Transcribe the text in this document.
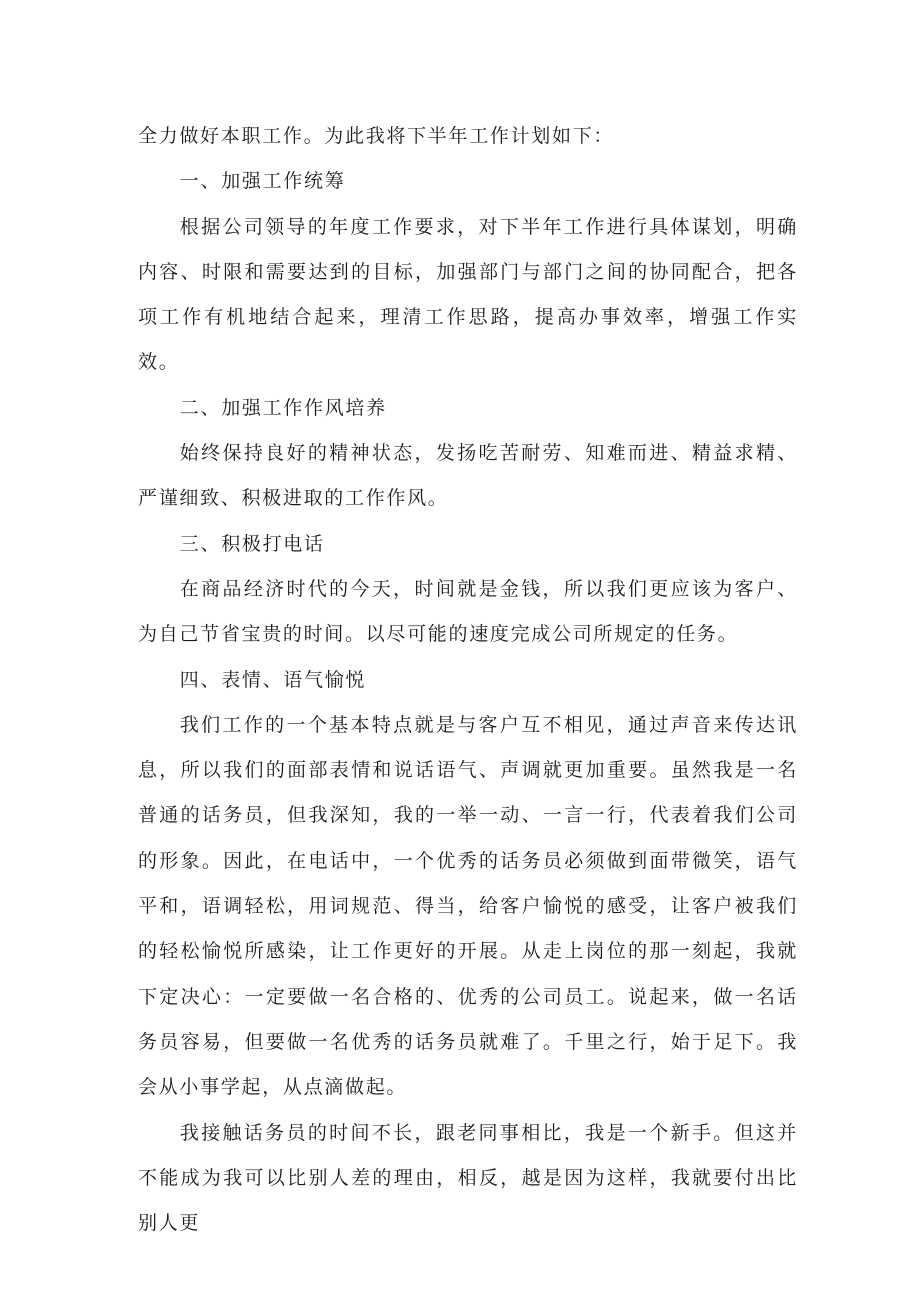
全力做好本职工作。为此我将下半年工作计划如下：

一、加强工作统筹

根据公司领导的年度工作要求，对下半年工作进行具体谋划，明确内容、时限和需要达到的目标，加强部门与部门之间的协同配合，把各项工作有机地结合起来，理清工作思路，提高办事效率，增强工作实效。

二、加强工作作风培养

始终保持良好的精神状态，发扬吃苦耐劳、知难而进、精益求精、严谨细致、积极进取的工作作风。

三、积极打电话

在商品经济时代的今天，时间就是金钱，所以我们更应该为客户、为自己节省宝贵的时间。以尽可能的速度完成公司所规定的任务。

四、表情、语气愉悦

我们工作的一个基本特点就是与客户互不相见，通过声音来传达讯息，所以我们的面部表情和说话语气、声调就更加重要。虽然我是一名普通的话务员，但我深知，我的一举一动、一言一行，代表着我们公司的形象。因此，在电话中，一个优秀的话务员必须做到面带微笑，语气平和，语调轻松，用词规范、得当，给客户愉悦的感受，让客户被我们的轻松愉悦所感染，让工作更好的开展。从走上岗位的那一刻起，我就下定决心：一定要做一名合格的、优秀的公司员工。说起来，做一名话务员容易，但要做一名优秀的话务员就难了。千里之行，始于足下。我会从小事学起，从点滴做起。

我接触话务员的时间不长，跟老同事相比，我是一个新手。但这并不能成为我可以比别人差的理由，相反，越是因为这样，我就要付出比别人更
